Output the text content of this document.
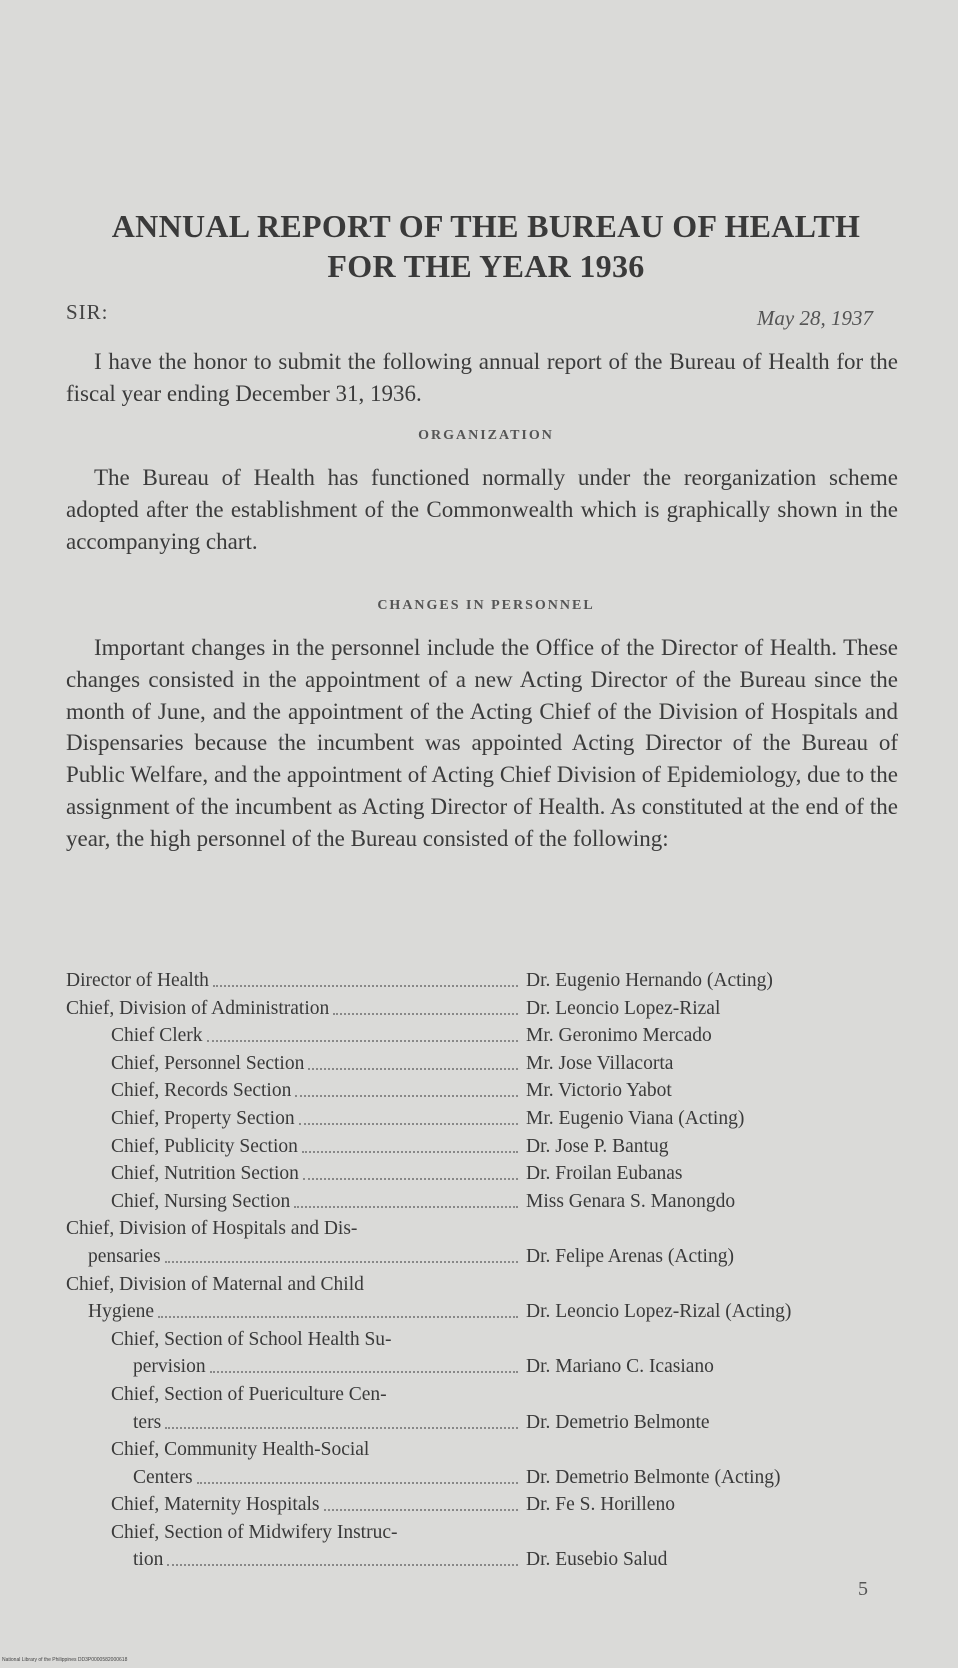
ANNUAL REPORT OF THE BUREAU OF HEALTH
FOR THE YEAR 1936
SIR:	May 28, 1937
I have the honor to submit the following annual report of the Bureau of Health for the fiscal year ending December 31, 1936.
ORGANIZATION
The Bureau of Health has functioned normally under the reorganization scheme adopted after the establishment of the Commonwealth which is graphically shown in the accompanying chart.
CHANGES IN PERSONNEL
Important changes in the personnel include the Office of the Director of Health. These changes consisted in the appointment of a new Acting Director of the Bureau since the month of June, and the appointment of the Acting Chief of the Division of Hospitals and Dispensaries because the incumbent was appointed Acting Director of the Bureau of Public Welfare, and the appointment of Acting Chief Division of Epidemiology, due to the assignment of the incumbent as Acting Director of Health. As constituted at the end of the year, the high personnel of the Bureau consisted of the following:
Director of Health	Dr. Eugenio Hernando (Acting)
Chief, Division of Administration	Dr. Leoncio Lopez-Rizal
Chief Clerk	Mr. Geronimo Mercado
Chief, Personnel Section	Mr. Jose Villacorta
Chief, Records Section	Mr. Victorio Yabot
Chief, Property Section	Mr. Eugenio Viana (Acting)
Chief, Publicity Section	Dr. Jose P. Bantug
Chief, Nutrition Section	Dr. Froilan Eubanas
Chief, Nursing Section	Miss Genara S. Manongdo
Chief, Division of Hospitals and Dis-
pensaries	Dr. Felipe Arenas (Acting)
Chief, Division of Maternal and Child
Hygiene	Dr. Leoncio Lopez-Rizal (Acting)
Chief, Section of School Health Su-
pervision	Dr. Mariano C. Icasiano
Chief, Section of Puericulture Cen-
ters	Dr. Demetrio Belmonte
Chief, Community Health-Social
Centers	Dr. Demetrio Belmonte (Acting)
Chief, Maternity Hospitals	Dr. Fe S. Horilleno
Chief, Section of Midwifery Instruc-
tion	Dr. Eusebio Salud
5
National Library of the Philippines DD3P0000582000618
